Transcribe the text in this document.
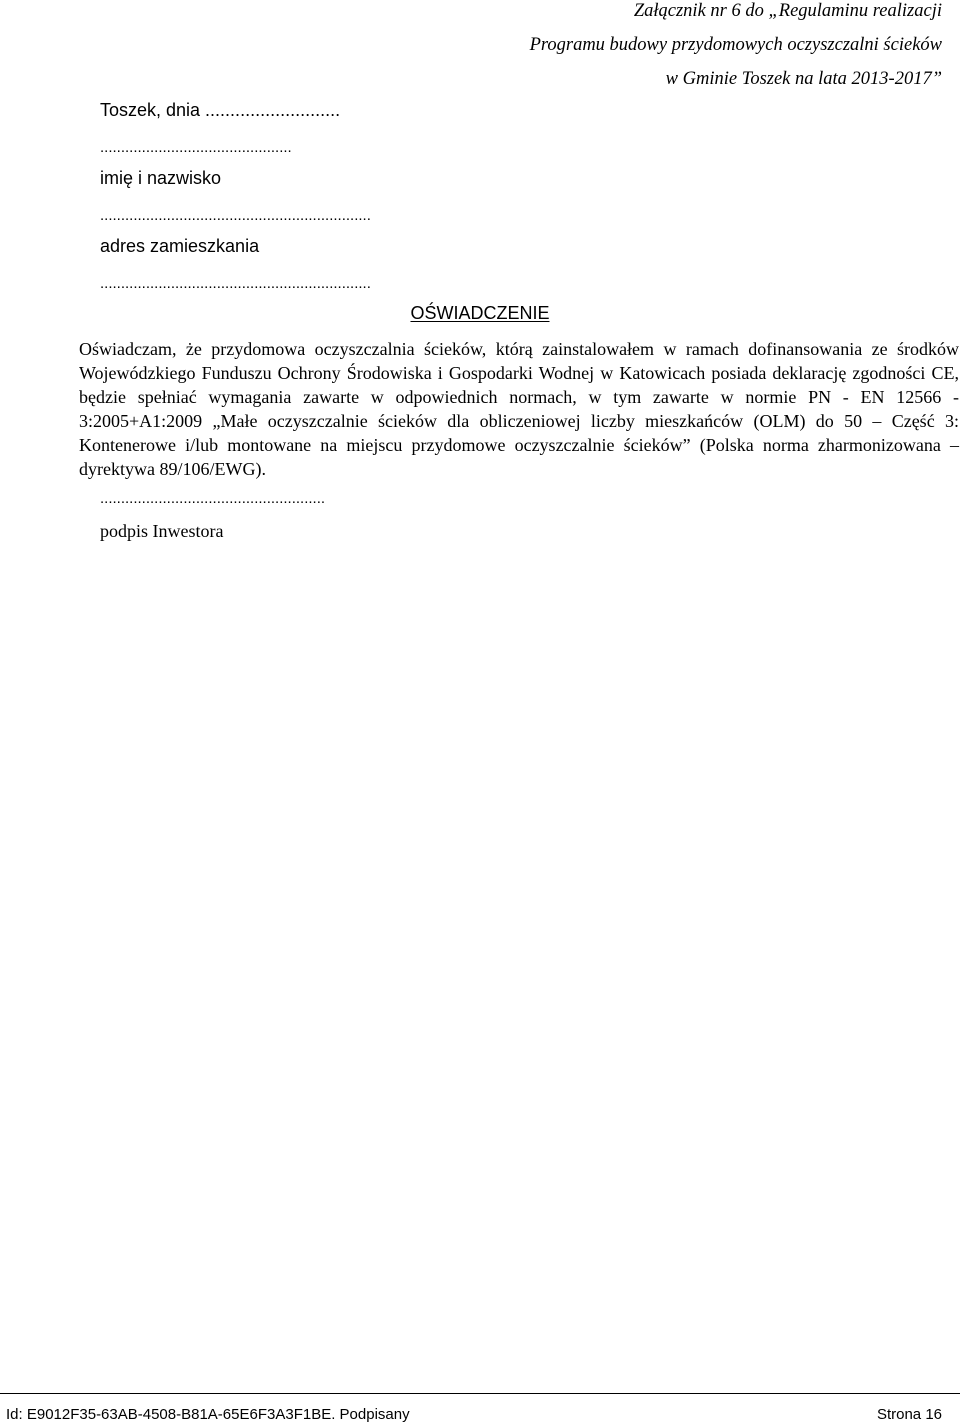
Załącznik nr 6 do „Regulaminu realizacji
Programu budowy przydomowych oczyszczalni ścieków
w Gminie Toszek na lata 2013-2017”
Toszek, dnia ...........................
..............................................
imię i nazwisko
.................................................................
adres zamieszkania
.................................................................
OŚWIADCZENIE

Oświadczam, że przydomowa oczyszczalnia ścieków, którą zainstalowałem w ramach dofinansowania ze środków Wojewódzkiego Funduszu Ochrony Środowiska i Gospodarki Wodnej w Katowicach posiada deklarację zgodności CE, będzie spełniać wymagania zawarte w odpowiednich normach, w tym zawarte w normie PN - EN 12566 - 3:2005+A1:2009 „Małe oczyszczalnie ścieków dla obliczeniowej liczby mieszkańców (OLM) do 50 – Część 3: Kontenerowe i/lub montowane na miejscu przydomowe oczyszczalnie ścieków” (Polska norma zharmonizowana – dyrektywa 89/106/EWG).

......................................................
podpis Inwestora
Id: E9012F35-63AB-4508-B81A-65E6F3A3F1BE. Podpisany	Strona 16
